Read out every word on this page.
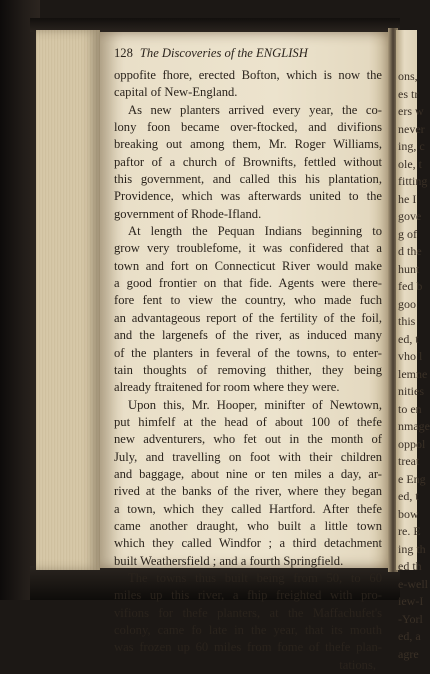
ons,
es tr
ers w
never
ing, c
ole, t
fitting
he I
gove
g of
d the
hunt
fed b
goo
this
ed, t
vho l
lemne
nities
to en
nmage
oppol
treat
e Eng
ed, t
bow
re. E
ing th
ed th
e-well
iew-I
-Yorl
ed, a
agre
128 The Discoveries of the ENGLISH
oppofite fhore, erected Bofton, which is now the
capital of New-England.
As new planters arrived every year, the co-
lony foon became over-ftocked, and divifions
breaking out among them, Mr. Roger Williams,
paftor of a church of Brownifts, fettled without
this government, and called this his plantation,
Providence, which was afterwards united to the
government of Rhode-Ifland.
At length the Pequan Indians beginning to
grow very troublefome, it was confidered that a
town and fort on Connecticut River would make
a good frontier on that fide. Agents were there-
fore fent to view the country, who made fuch
an advantageous report of the fertility of the foil,
and the largenefs of the river, as induced many
of the planters in feveral of the towns, to enter-
tain thoughts of removing thither, they being
already ftraitened for room where they were.
Upon this, Mr. Hooper, minifter of Newtown,
put himfelf at the head of about 100 of thefe
new adventurers, who fet out in the month of
July, and travelling on foot with their children
and baggage, about nine or ten miles a day, ar-
rived at the banks of the river, where they began
a town, which they called Hartford. After thefe
came another draught, who built a little town
which they called Windfor ; a third detachment
built Weathersfield ; and a fourth Springfield.
The towns thus built being from 50, to 60
miles up this river, a fhip freighted with pro-
vifions for thefe planters, at the Maffachufet's
colony, came fo late in the year, that its mouth
was frozen up 60 miles from fome of thefe plan-
tations,
